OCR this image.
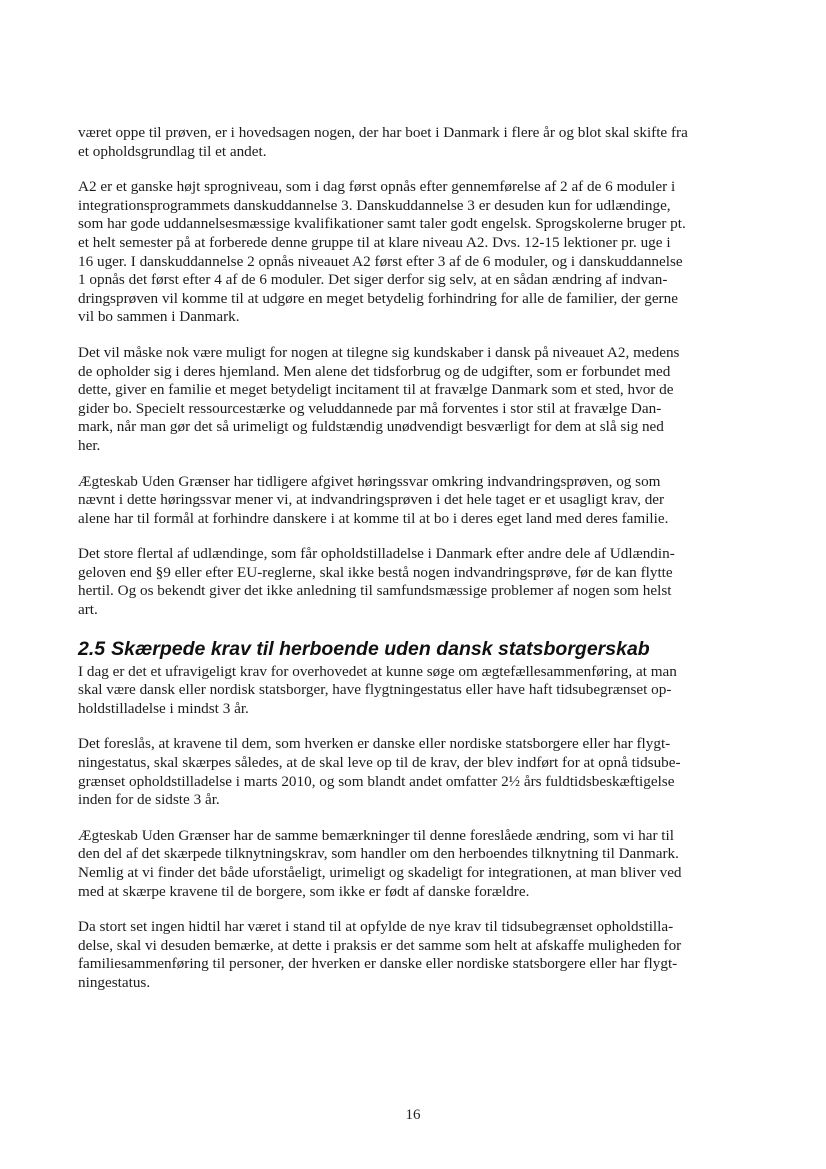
været oppe til prøven, er i hovedsagen nogen, der har boet i Danmark i flere år og blot skal skifte fra
et opholdsgrundlag til et andet.

A2 er et ganske højt sprogniveau, som i dag først opnås efter gennemførelse af 2 af de 6 moduler i
integrationsprogrammets danskuddannelse 3. Danskuddannelse 3 er desuden kun for udlændinge,
som har gode uddannelsesmæssige kvalifikationer samt taler godt engelsk. Sprogskolerne bruger pt.
et helt semester på at forberede denne gruppe til at klare niveau A2. Dvs. 12-15 lektioner pr. uge i
16 uger. I danskuddannelse 2 opnås niveauet A2 først efter 3 af de 6 moduler, og i danskuddannelse
1 opnås det først efter 4 af de 6 moduler. Det siger derfor sig selv, at en sådan ændring af indvan-
dringsprøven vil komme til at udgøre en meget betydelig forhindring for alle de familier, der gerne
vil bo sammen i Danmark.

Det vil måske nok være muligt for nogen at tilegne sig kundskaber i dansk på niveauet A2, medens
de opholder sig i deres hjemland. Men alene det tidsforbrug og de udgifter, som er forbundet med
dette, giver en familie et meget betydeligt incitament til at fravælge Danmark som et sted, hvor de
gider bo. Specielt ressourcestærke og veluddannede par må forventes i stor stil at fravælge Dan-
mark, når man gør det så urimeligt og fuldstændig unødvendigt besværligt for dem at slå sig ned
her.

Ægteskab Uden Grænser har tidligere afgivet høringssvar omkring indvandringsprøven, og som
nævnt i dette høringssvar mener vi, at indvandringsprøven i det hele taget er et usagligt krav, der
alene har til formål at forhindre danskere i at komme til at bo i deres eget land med deres familie.

Det store flertal af udlændinge, som får opholdstilladelse i Danmark efter andre dele af Udlændin-
geloven end §9 eller efter EU-reglerne, skal ikke bestå nogen indvandringsprøve, før de kan flytte
hertil. Og os bekendt giver det ikke anledning til samfundsmæssige problemer af nogen som helst
art.

2.5 Skærpede krav til herboende uden dansk statsborgerskab

I dag er det et ufravigeligt krav for overhovedet at kunne søge om ægtefællesammenføring, at man
skal være dansk eller nordisk statsborger, have flygtningestatus eller have haft tidsubegrænset op-
holdstilladelse i mindst 3 år.

Det foreslås, at kravene til dem, som hverken er danske eller nordiske statsborgere eller har flygt-
ningestatus, skal skærpes således, at de skal leve op til de krav, der blev indført for at opnå tidsube-
grænset opholdstilladelse i marts 2010, og som blandt andet omfatter 2½ års fuldtidsbeskæftigelse
inden for de sidste 3 år.

Ægteskab Uden Grænser har de samme bemærkninger til denne foreslåede ændring, som vi har til
den del af det skærpede tilknytningskrav, som handler om den herboendes tilknytning til Danmark.
Nemlig at vi finder det både uforståeligt, urimeligt og skadeligt for integrationen, at man bliver ved
med at skærpe kravene til de borgere, som ikke er født af danske forældre.

Da stort set ingen hidtil har været i stand til at opfylde de nye krav til tidsubegrænset opholdstilla-
delse, skal vi desuden bemærke, at dette i praksis er det samme som helt at afskaffe muligheden for
familiesammenføring til personer, der hverken er danske eller nordiske statsborgere eller har flygt-
ningestatus.

16
